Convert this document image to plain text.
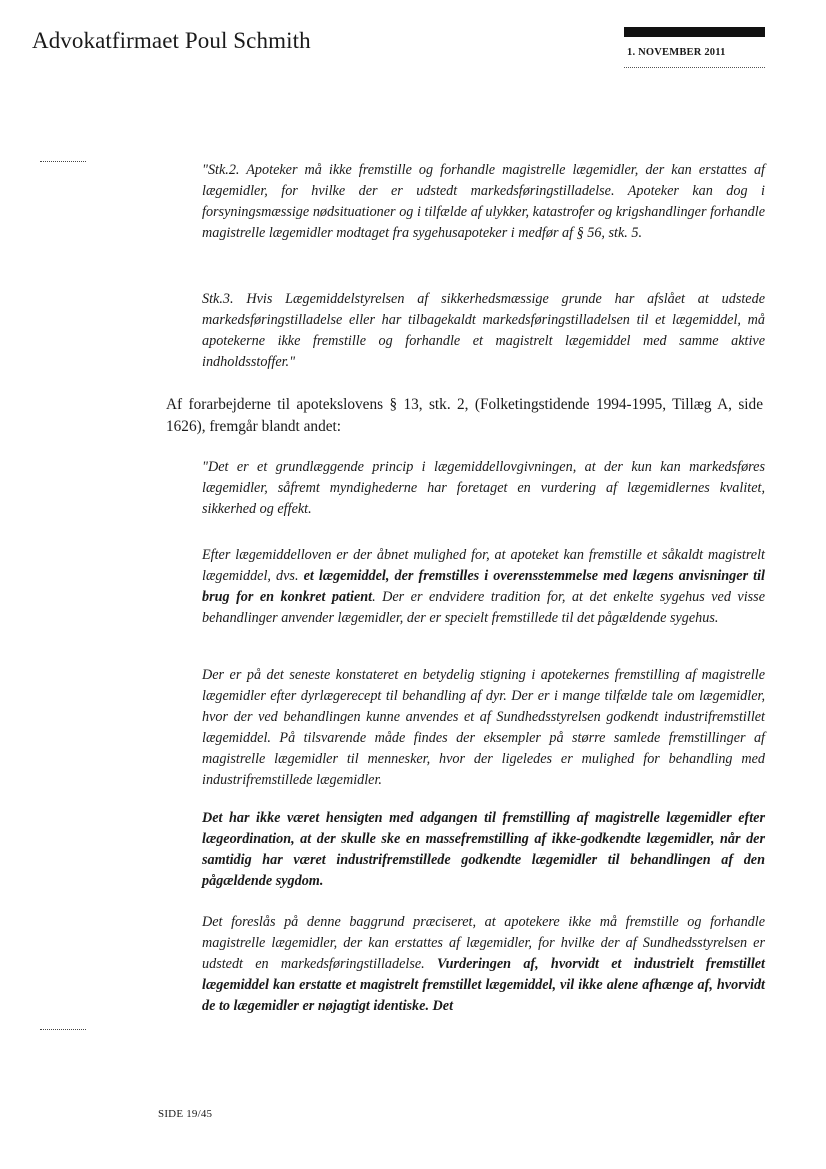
Advokatfirmaet Poul Schmith	1. NOVEMBER 2011

"Stk.2. Apoteker må ikke fremstille og forhandle magistrelle lægemidler, der kan erstattes af lægemidler, for hvilke der er udstedt markedsføringstilladelse. Apoteker kan dog i forsyningsmæssige nødsituationer og i tilfælde af ulykker, katastrofer og krigshandlinger forhandle magistrelle lægemidler modtaget fra sygehusapoteker i medfør af § 56, stk. 5.

Stk.3. Hvis Lægemiddelstyrelsen af sikkerhedsmæssige grunde har afslået at udstede markedsføringstilladelse eller har tilbagekaldt markedsføringstilladelsen til et lægemiddel, må apotekerne ikke fremstille og forhandle et magistrelt lægemiddel med samme aktive indholdsstoffer."

Af forarbejderne til apotekslovens § 13, stk. 2, (Folketingstidende 1994-1995, Tillæg A, side 1626), fremgår blandt andet:

"Det er et grundlæggende princip i lægemiddellovgivningen, at der kun kan markedsføres lægemidler, såfremt myndighederne har foretaget en vurdering af lægemidlernes kvalitet, sikkerhed og effekt.

Efter lægemiddelloven er der åbnet mulighed for, at apoteket kan fremstille et såkaldt magistrelt lægemiddel, dvs. et lægemiddel, der fremstilles i overensstemmelse med lægens anvisninger til brug for en konkret patient. Der er endvidere tradition for, at det enkelte sygehus ved visse behandlinger anvender lægemidler, der er specielt fremstillede til det pågældende sygehus.

Der er på det seneste konstateret en betydelig stigning i apotekernes fremstilling af magistrelle lægemidler efter dyrlægerecept til behandling af dyr. Der er i mange tilfælde tale om lægemidler, hvor der ved behandlingen kunne anvendes et af Sundhedsstyrelsen godkendt industrifremstillet lægemiddel. På tilsvarende måde findes der eksempler på større samlede fremstillinger af magistrelle lægemidler til mennesker, hvor der ligeledes er mulighed for behandling med industrifremstillede lægemidler.

Det har ikke været hensigten med adgangen til fremstilling af magistrelle lægemidler efter lægeordination, at der skulle ske en massefremstilling af ikke-godkendte lægemidler, når der samtidig har været industrifremstillede godkendte lægemidler til behandlingen af den pågældende sygdom.

Det foreslås på denne baggrund præciseret, at apotekere ikke må fremstille og forhandle magistrelle lægemidler, der kan erstattes af lægemidler, for hvilke der af Sundhedsstyrelsen er udstedt en markedsføringstilladelse. Vurderingen af, hvorvidt et industrielt fremstillet lægemiddel kan erstatte et magistrelt fremstillet lægemiddel, vil ikke alene afhænge af, hvorvidt de to lægemidler er nøjagtigt identiske. Det

SIDE 19/45
